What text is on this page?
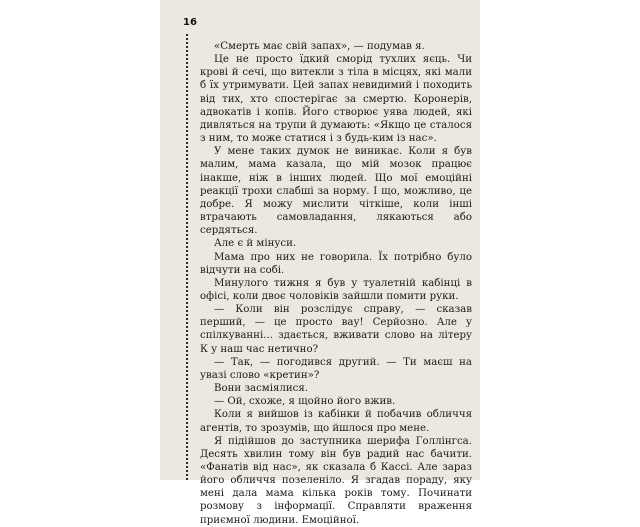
16

«Смерть має свій запах», — подумав я.

Це не просто їдкий сморід тухлих яєць. Чи крові й сечі, що витекли з тіла в місцях, які мали б їх утримувати. Цей запах невидимий і походить від тих, хто спостерігає за смертю. Коронерів, адвокатів і копів. Його створює уява людей, які дивляться на трупи й думають: «Якщо це сталося з ним, то може статися і з будь-ким із нас».

У мене таких думок не виникає. Коли я був малим, мама казала, що мій мозок працює інакше, ніж в інших людей. Що мої емоційні реакції трохи слабші за норму. І що, можливо, це добре. Я можу мислити чіткіше, коли інші втрачають самовладання, лякаються або сердяться.

Але є й мінуси.

Мама про них не говорила. Їх потрібно було відчути на собі.

Минулого тижня я був у туалетній кабінці в офісі, коли двоє чоловіків зайшли помити руки.

— Коли він розслідує справу, — сказав перший, — це просто вау! Серйозно. Але у спілкуванні... здається, вживати слово на літеру К у наш час нетично?

— Так, — погодився другий. — Ти маєш на увазі слово «кретин»?

Вони засміялися.

— Ой, схоже, я щойно його вжив.

Коли я вийшов із кабінки й побачив обличчя агентів, то зрозумів, що йшлося про мене.

Я підійшов до заступника шерифа Голлінгса. Десять хвилин тому він був радий нас бачити. «Фанатів від нас», як сказала б Кассі. Але зараз його обличчя позеленіло. Я згадав пораду, яку мені дала мама кілька років тому. Починати розмову з інформації. Справляти враження приємної людини. Емоційної.
